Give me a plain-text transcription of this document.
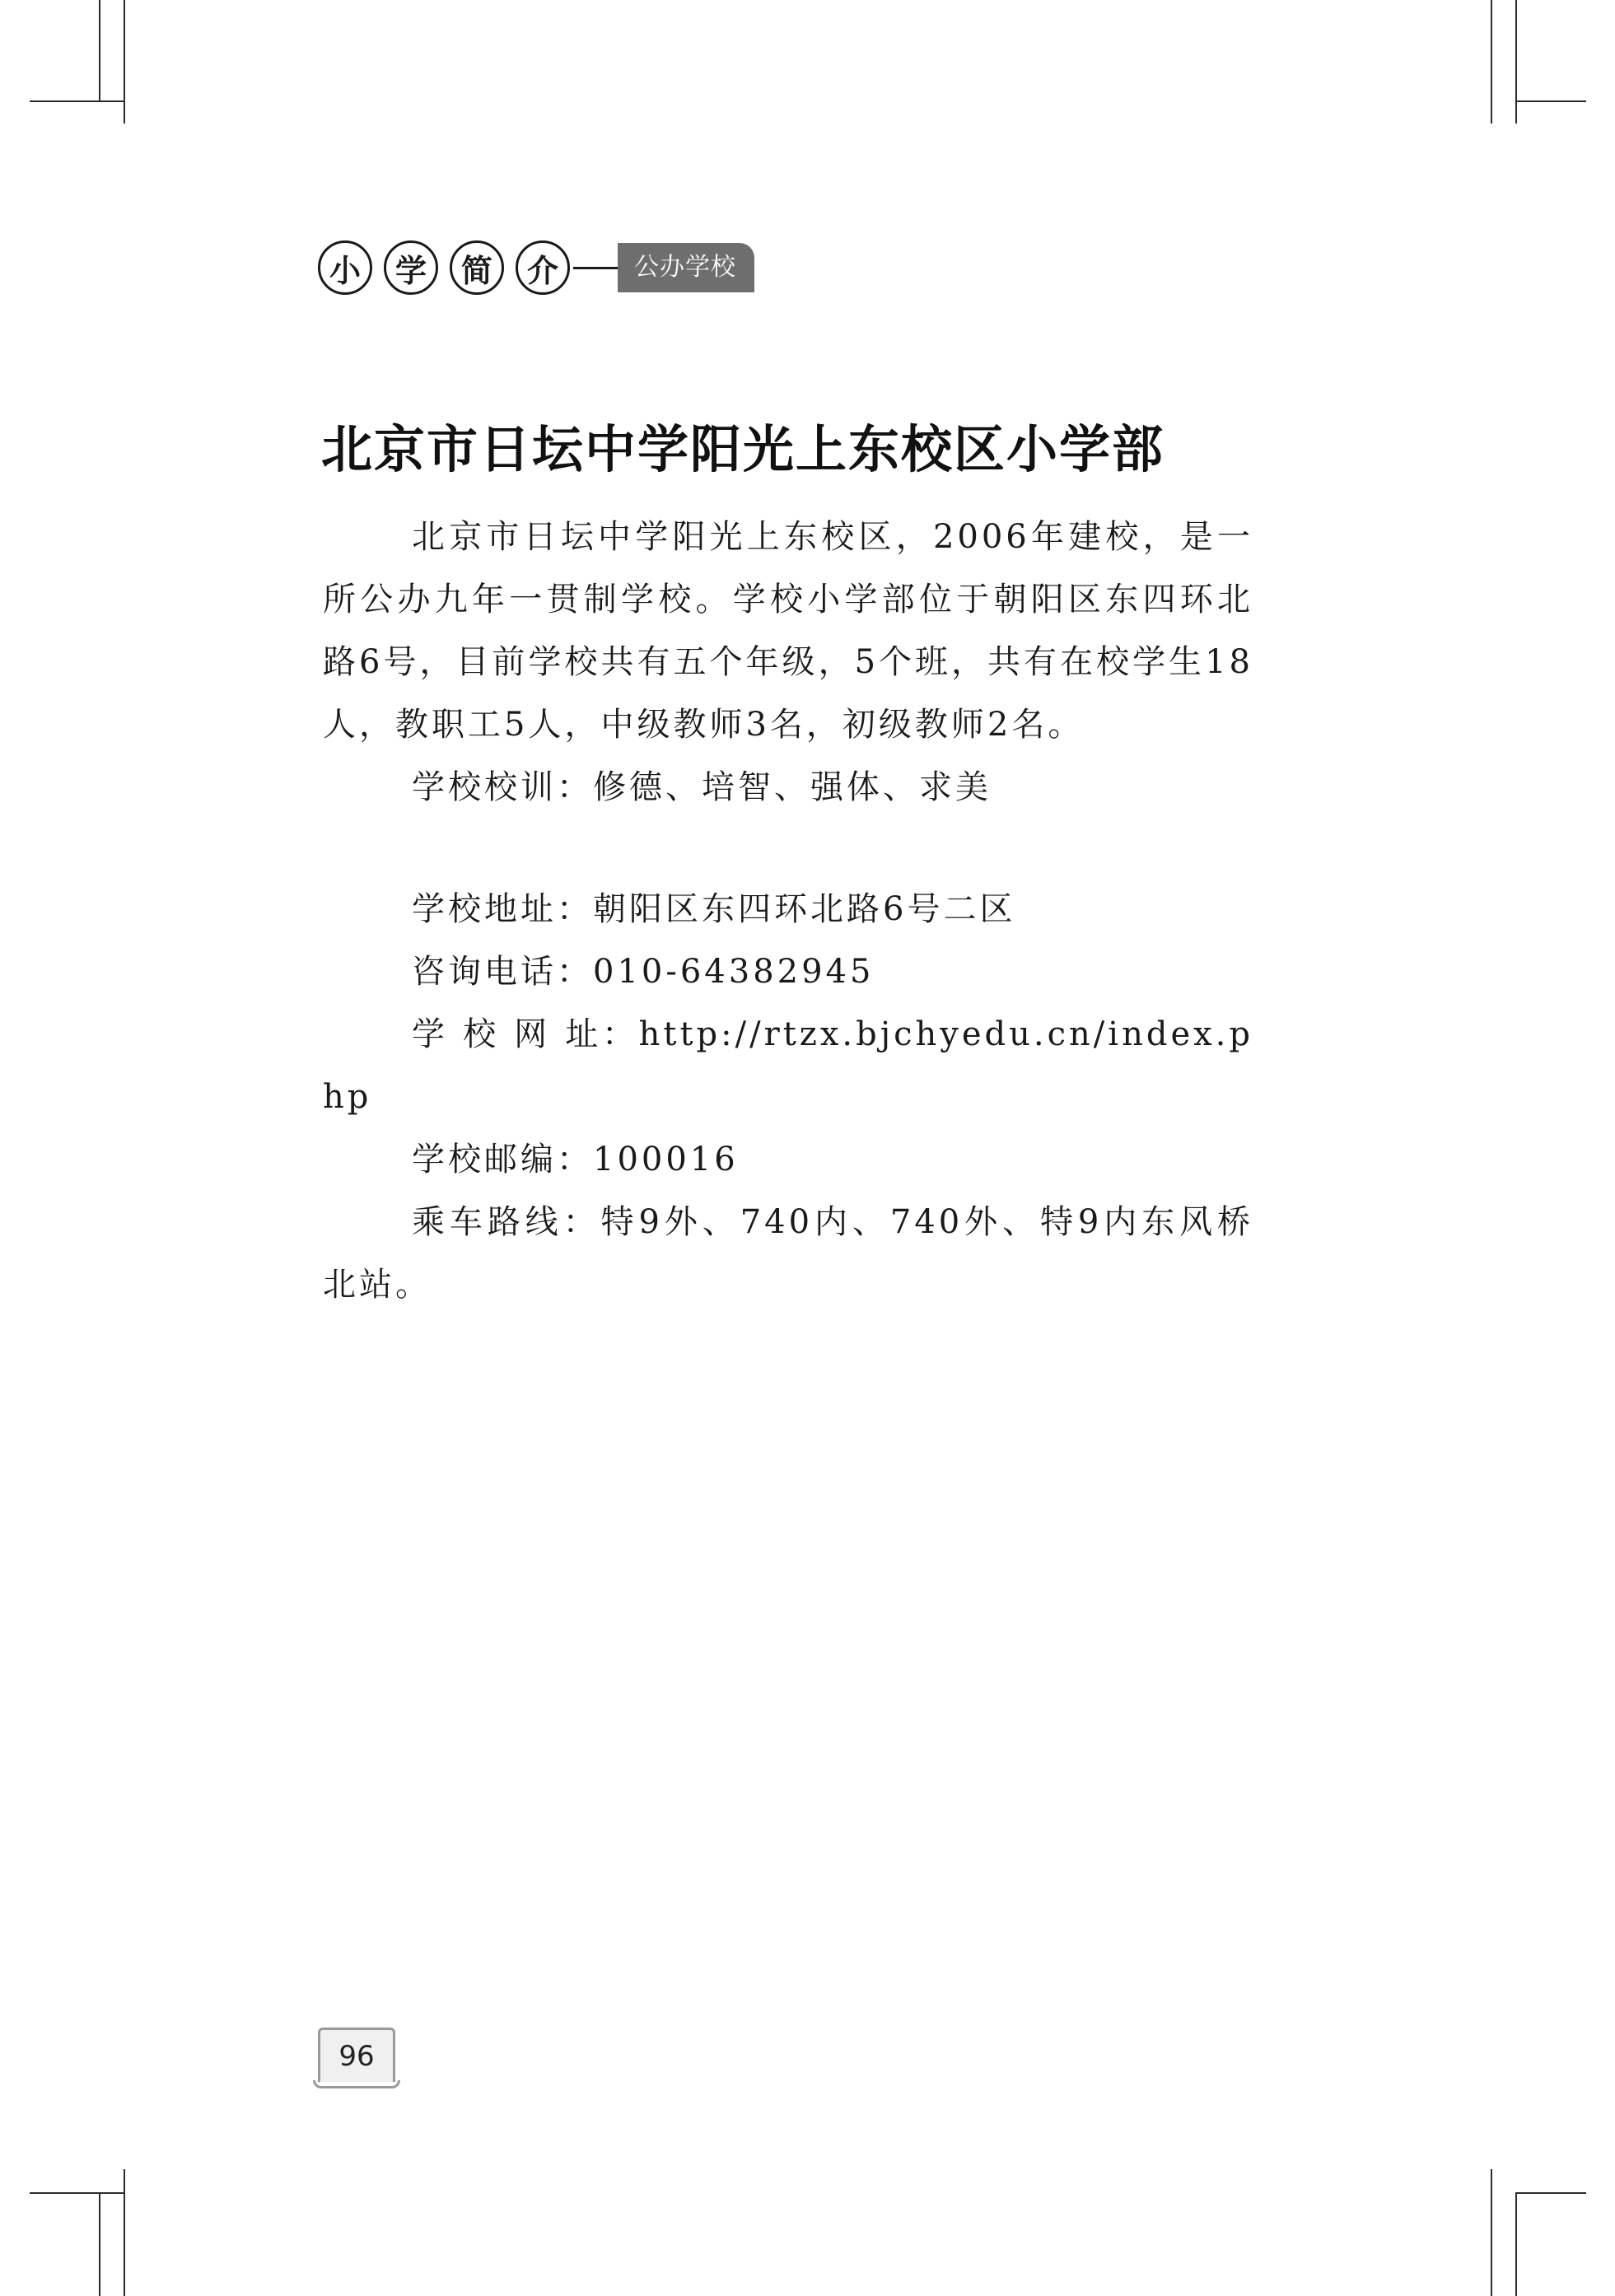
小	学	简	介	公办学校
北京市日坛中学阳光上东校区小学部

北京市日坛中学阳光上东校区，2006年建校，是一所公办九年一贯制学校。学校小学部位于朝阳区东四环北路6号，目前学校共有五个年级，5个班，共有在校学生18人，教职工5人，中级教师3名，初级教师2名。

学校校训：修德、培智、强体、求美

学校地址：朝阳区东四环北路6号二区

咨询电话：010-64382945

学 校 网 址：http://rtzx.bjchyedu.cn/index.php

学校邮编：100016

乘车路线：特9外、740内、740外、特9内东风桥北站。

96
